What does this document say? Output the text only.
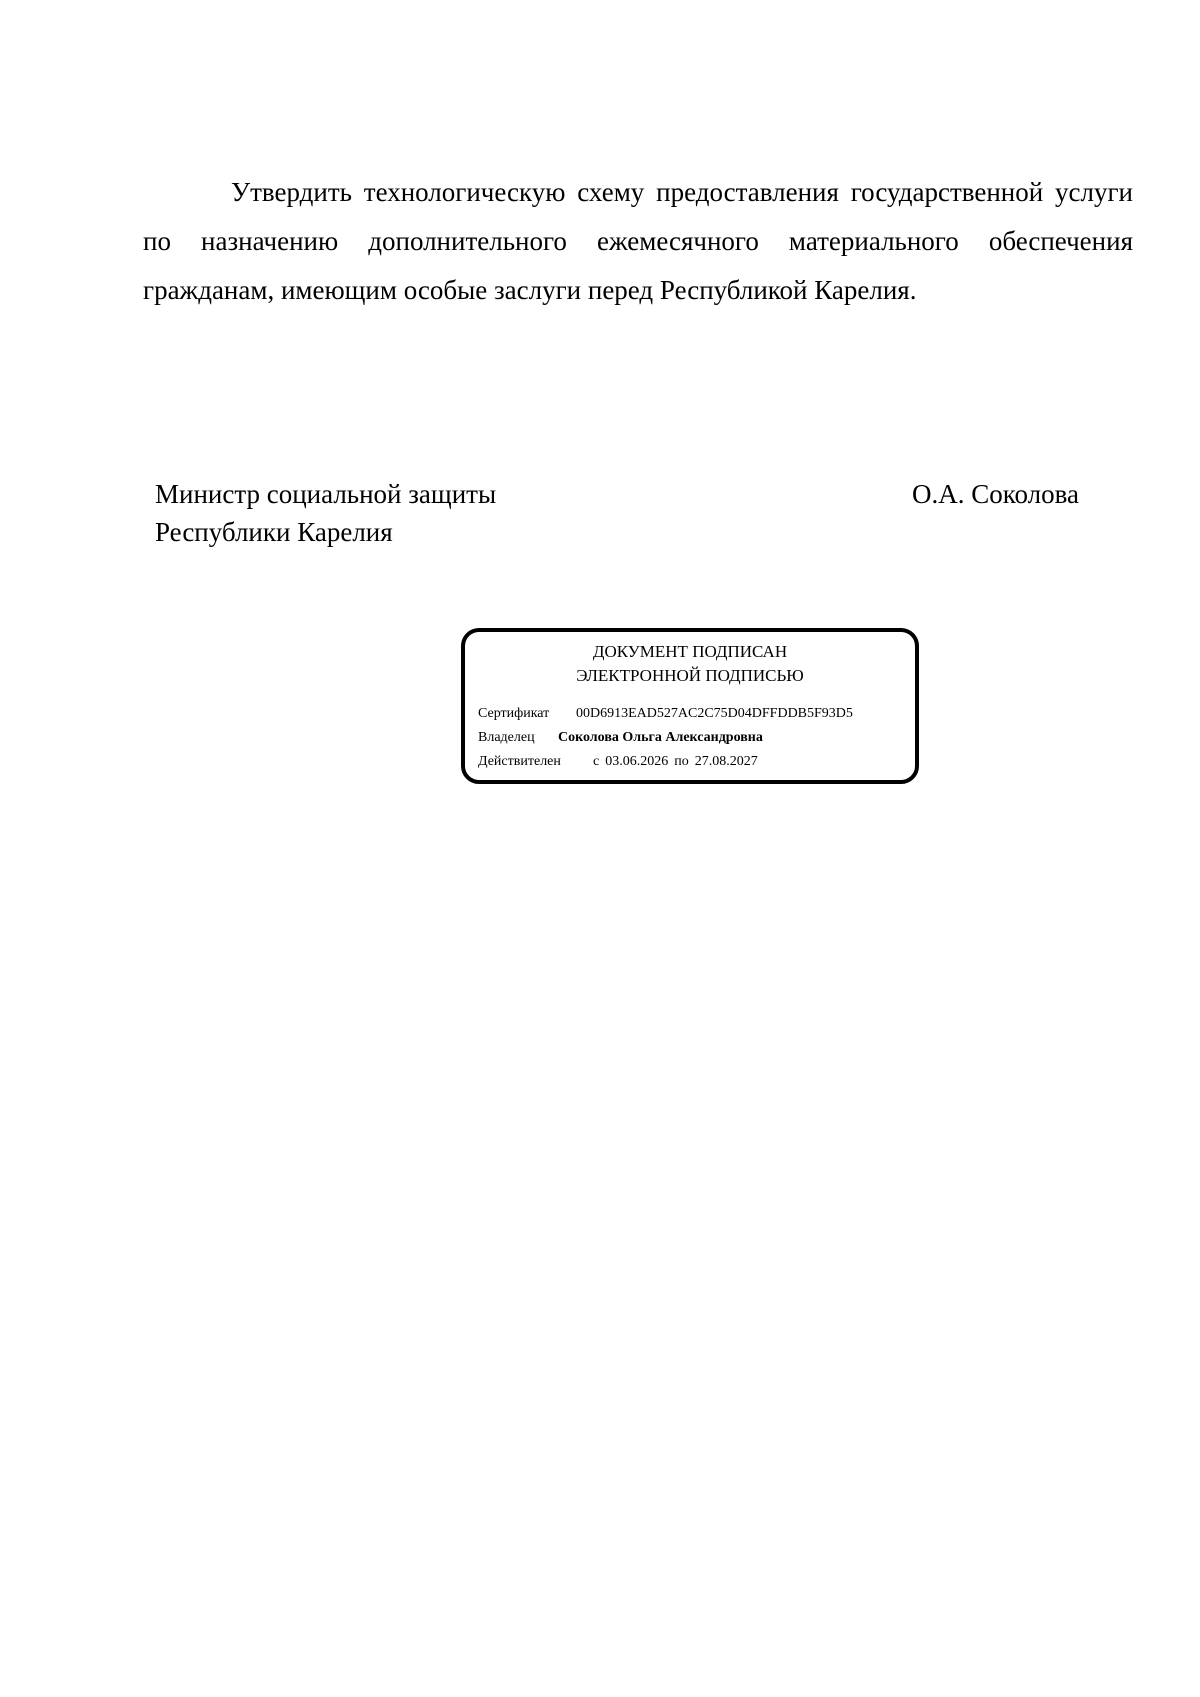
Утвердить технологическую схему предоставления государственной услуги по назначению дополнительного ежемесячного материального обеспечения гражданам, имеющим особые заслуги перед Республикой Карелия.

Министр социальной защиты
Республики Карелия
О.А. Соколова
ДОКУМЕНТ ПОДПИСАН
ЭЛЕКТРОННОЙ ПОДПИСЬЮ
Сертификат 00D6913EAD527AC2C75D04DFFDDB5F93D5
Владелец Соколова Ольга Александровна
Действителен с 03.06.2026 по 27.08.2027
